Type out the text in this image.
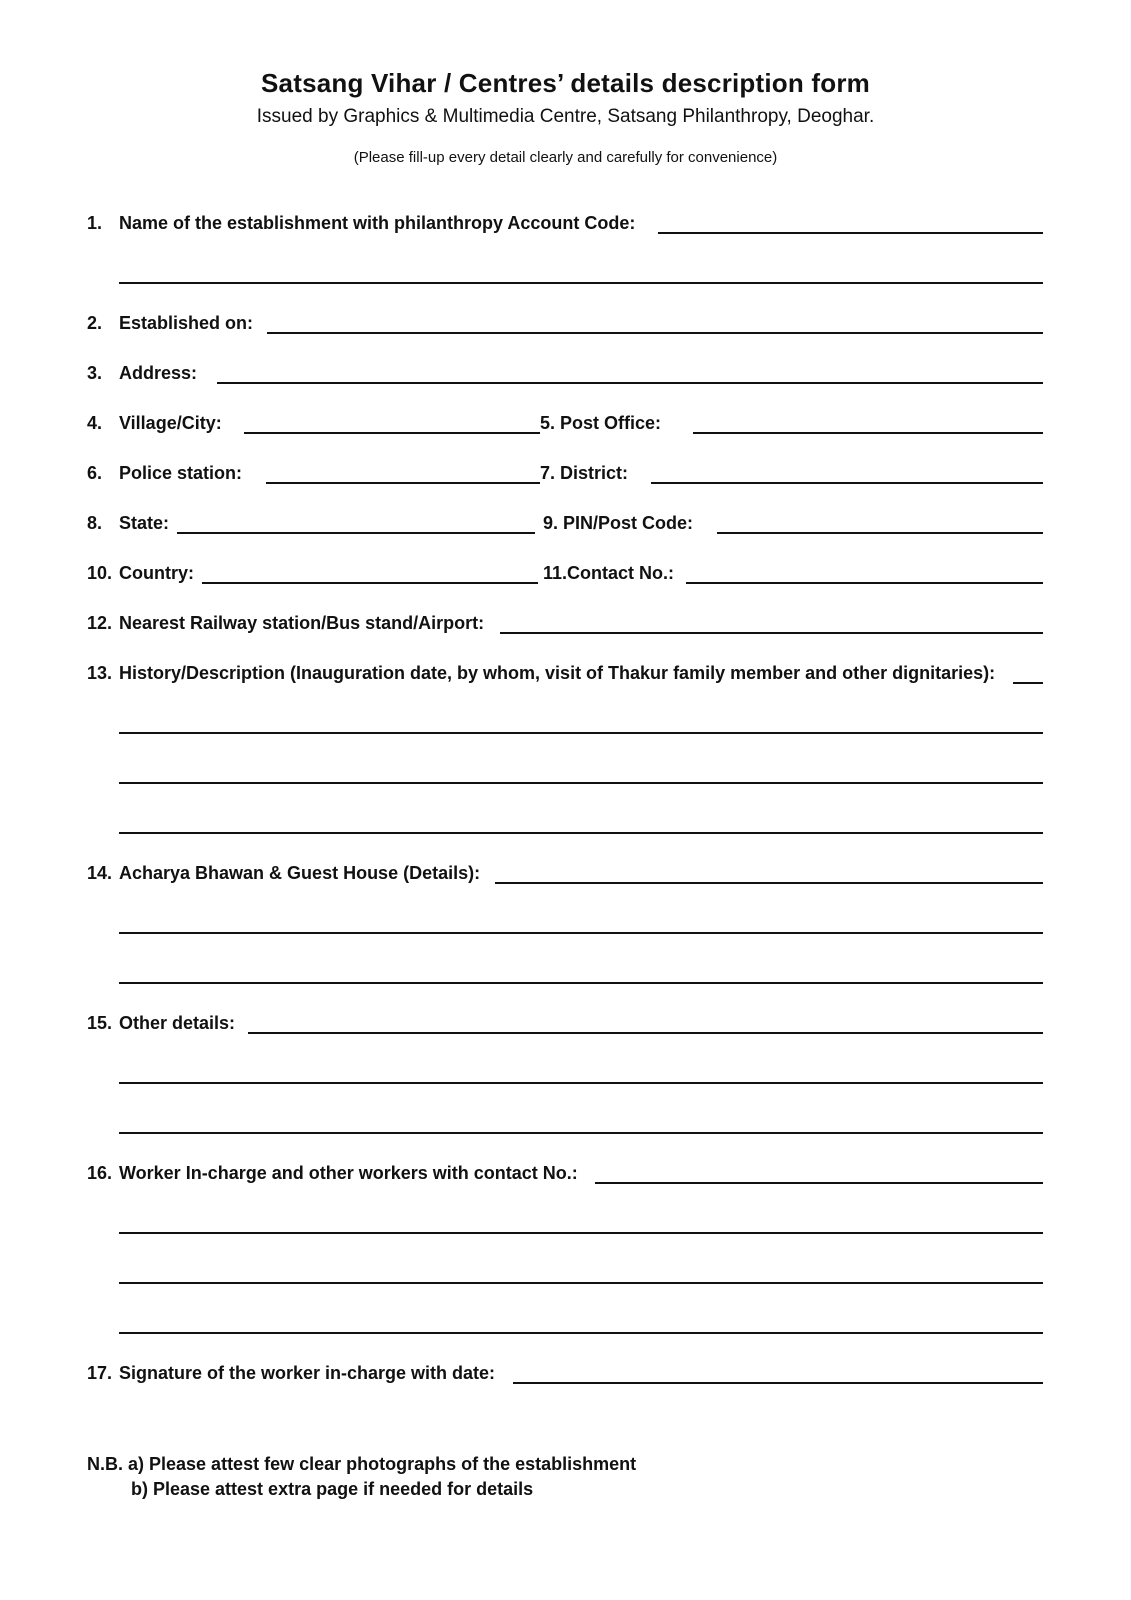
Satsang Vihar / Centres’ details description form
Issued by Graphics & Multimedia Centre, Satsang Philanthropy, Deoghar.
(Please fill-up every detail clearly and carefully for convenience)
1. Name of the establishment with philanthropy Account Code:
2. Established on:
3. Address:
4. Village/City:	5. Post Office:
6. Police station:	7. District:
8. State:	9. PIN/Post Code:
10. Country:	11.Contact No.:
12. Nearest Railway station/Bus stand/Airport:
13. History/Description (Inauguration date, by whom, visit of Thakur family member and other dignitaries):
14. Acharya Bhawan & Guest House (Details):
15. Other details:
16. Worker In-charge and other workers with contact No.:
17. Signature of the worker in-charge with date:
N.B. a) Please attest few clear photographs of the establishment
b) Please attest extra page if needed for details
